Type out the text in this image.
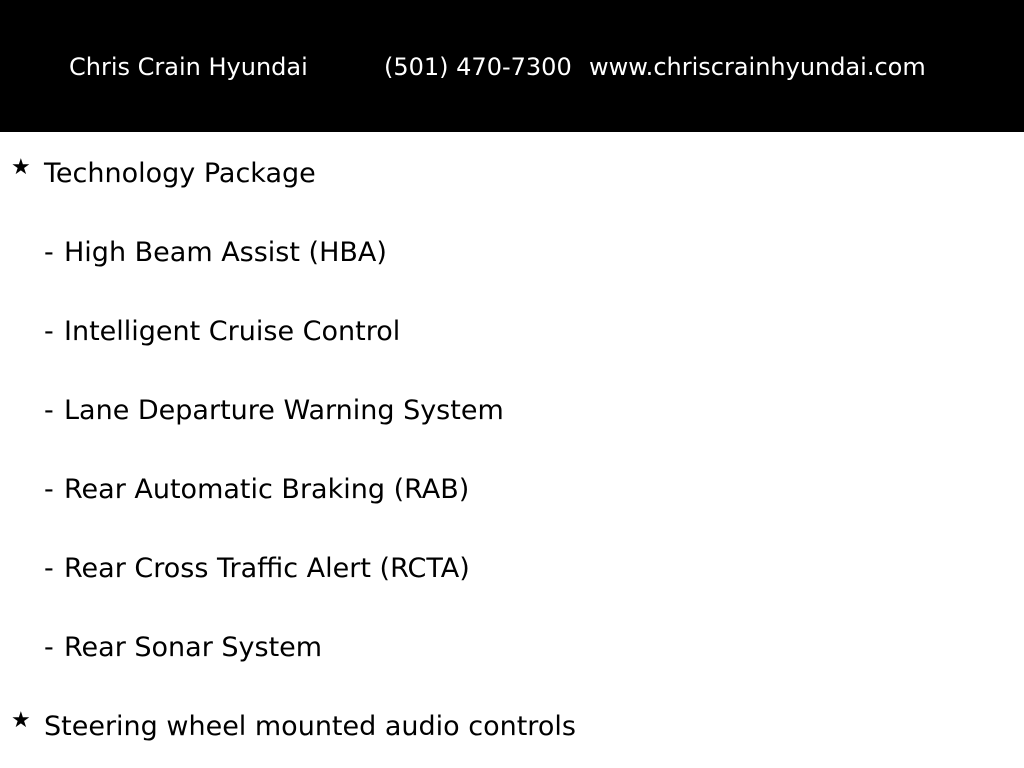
Chris Crain Hyundai	(501) 470-7300 www.chriscrainhyundai.com
★ Technology Package
- High Beam Assist (HBA)
- Intelligent Cruise Control
- Lane Departure Warning System
- Rear Automatic Braking (RAB)
- Rear Cross Traffic Alert (RCTA)
- Rear Sonar System
★ Steering wheel mounted audio controls
